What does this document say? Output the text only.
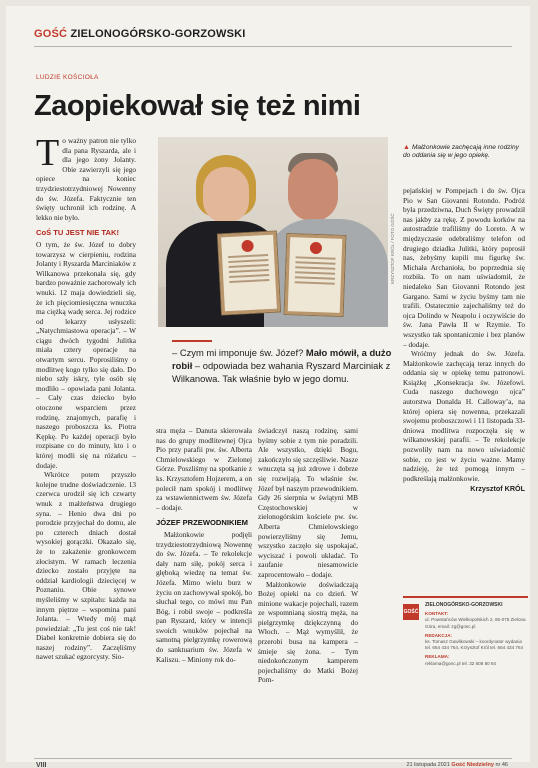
GOŚĆ ZIELONOGÓRSKO-GORZOWSKI
LUDZIE KOŚCIOŁA
Zaopiekował się też nimi
T o ważny patron nie tylko dla pana Ryszarda, ale i dla jego żony Jolanty. Obie zawierzyli się jego opiece na koniec trzydziestotrzydniowej Nowenny do św. Józefa. Faktycznie ten święty uchronił ich rodzinę. A lekko nie było.

CoŚ TU JEST NIE TAK!

O tym, że św. Józef to dobry towarzysz w cierpieniu, rodzina Jolanty i Ryszarda Marciniaków z Wilkanowa przekonała się, gdy bardzo poważnie zachorowały ich wnuki. 12 maja dowiedzieli się, że ich pięciomiesięczna wnuczka ma ciężką wadę serca. Jej rodzice od lekarzy usłyszeli: „Natychmiastowa operacja”. – W ciągu dwóch tygodni Julitka miała cztery operacje na otwartym sercu. Poprosiliśmy o modlitwę kogo tylko się dało. Do niebo szły iskry, tyle osób się modliło – opowiada pani Jolanta. – Cały czas dziecko było otoczone wsparciem przez rodzinę, znajomych, parafię i naszego proboszcza ks. Piotra Kępkę. Po każdej operacji było rozpisane co do minuty, kto i o której modli się na różańcu – dodaje.

Wkrótce potem przyszło kolejne trudne doświadczenie. 13 czerwca urodził się ich czwarty wnuk z małżeństwa drugiego syna. – Henio dwa dni po porodzie przyjechał do domu, ale po czterech dniach dostał wysokiej gorączki. Okazało się, że to zakażenie gronkowcem złocistym. W ramach leczenia dziecko zostało przyjęte na oddział kardiologii dziecięcej w Poznaniu. Obie synowe myśleliśmy w szpitalu: każda na innym piętrze – wspomina pani Jolanta. – Wtedy mój mąż powiedział: „Tu jest coś nie tak! Diabeł konkretnie dobiera się do naszej rodziny”. Zaczęliśmy nawet szukać egzorcysty. Sio-

KRZYSZTOF KRÓL / FOTO GOŚĆ
▲ Małżonkowie zachęcają inne rodziny do oddania się w jego opiekę.
– Czym mi imponuje św. Józef? Mało mówił, a dużo robił – odpowiada bez wahania Ryszard Marciniak z Wilkanowa. Tak właśnie było w jego domu.

stra męża – Danuta skierowała nas do grupy modlitewnej Ojca Pio przy parafii pw. św. Alberta Chmielowskiego w Zielonej Górze. Poszliśmy na spotkanie z ks. Krzysztofem Hojzerem, a on polecił nam spokój i modlitwę za wstawiennictwem św. Józefa – dodaje.

JÓZEF PRZEWODNIKIEM

Małżonkowie podjęli trzydziestotrzydniową Nowennę do św. Józefa. – Te rekolekcje dały nam siłę, pokój serca i głęboką wiedzę na temat św. Józefa. Mimo wielu burz w życiu on zachowywał spokój, bo słuchał tego, co mówi mu Pan Bóg, i robił swoje – podkreśla pan Ryszard, który w intencji swoich wnuków pojechał na samotną pielgrzymkę rowerową do sanktuarium św. Józefa w Kaliszu. – Miniony rok do-

świadczył naszą rodzinę, sami byśmy sobie z tym nie poradzili. Ale wszystko, dzięki Bogu, zakończyło się szczęśliwie. Nasze wnuczęta są już zdrowe i dobrze się rozwijają. To właśnie św. Józef był naszym przewodnikiem. Gdy 26 sierpnia w świątyni MB Częstochowskiej w zielonogórskim kościele pw. św. Alberta Chmielowskiego powierzyliśmy się Jemu, wszystko zaczęło się uspokajać, wyciszać i powoli układać. To zaufanie niesamowicie zaprocentowało – dodaje.

Małżonkowie doświadczają Bożej opieki na co dzień. W minione wakacje pojechali, razem ze wspomnianą siostrą męża, na pielgrzymkę dziękczynną do Włoch. – Mąż wymyślił, że przerobi busa na kampera – śmieje się żona. – Tym niedokończonym kamperem pojechaliśmy do Matki Bożej Pom-

pejańskiej w Pompejach i do św. Ojca Pio w San Giovanni Rotondo. Podróż była przedziwna, Duch Święty prowadził nas jakby za rękę. Z powodu korków na autostradzie trafiliśmy do Loreto. A w międzyczasie odebraliśmy telefon od drugiego dziadka Julitki, który poprosił nas, żebyśmy kupili mu figurkę św. Michała Archanioła, bo poprzednia się rozbiła. To on nam uświadomił, że niedaleko San Giovanni Rotondo jest Gargano. Sami w życiu byśmy tam nie trafili. Ostatecznie zajechaliśmy też do ojca Dolindo w Neapolu i oczywiście do św. Jana Pawła II w Rzymie. To wszystko tak spontanicznie i bez planów – dodaje.

Wróćmy jednak do św. Józefa. Małżonkowie zachęcają teraz innych do oddania się w opiekę temu patronowi. Książkę „Konsekracja św. Józefowi. Cuda naszego duchowego ojca” autorstwa Donalda H. Calloway’a, na której opiera się nowenna, przekazali swojemu proboszczowi i 11 listopada 33-dniowa modlitwa rozpoczęła się w wilkanowskiej parafii. – Te rekolekcje pozwoliły nam na nowo uświadomić sobie, co jest w życiu ważne. Mamy nadzieję, że też pomogą innym – podkreślają małżonkowie.

Krzysztof KRÓL
GOŚĆ
ZIELONOGÓRSKO-GORZOWSKI
KONTAKT:
ul. Powstańców Wielkopolskich 2, 65-075 Zielona Góra, email: zg@gosc.pl
REDAKCJA:
ks. Tomasz Gawlikowski – koordynator wydania tel. 664 434 764, Krzysztof Król tel. 664 434 764
REKLAMA:
reklama@gosc.pl tel. 32 608 80 84
VIII	21 listopada 2021 Gość Niedzielny nr 46
